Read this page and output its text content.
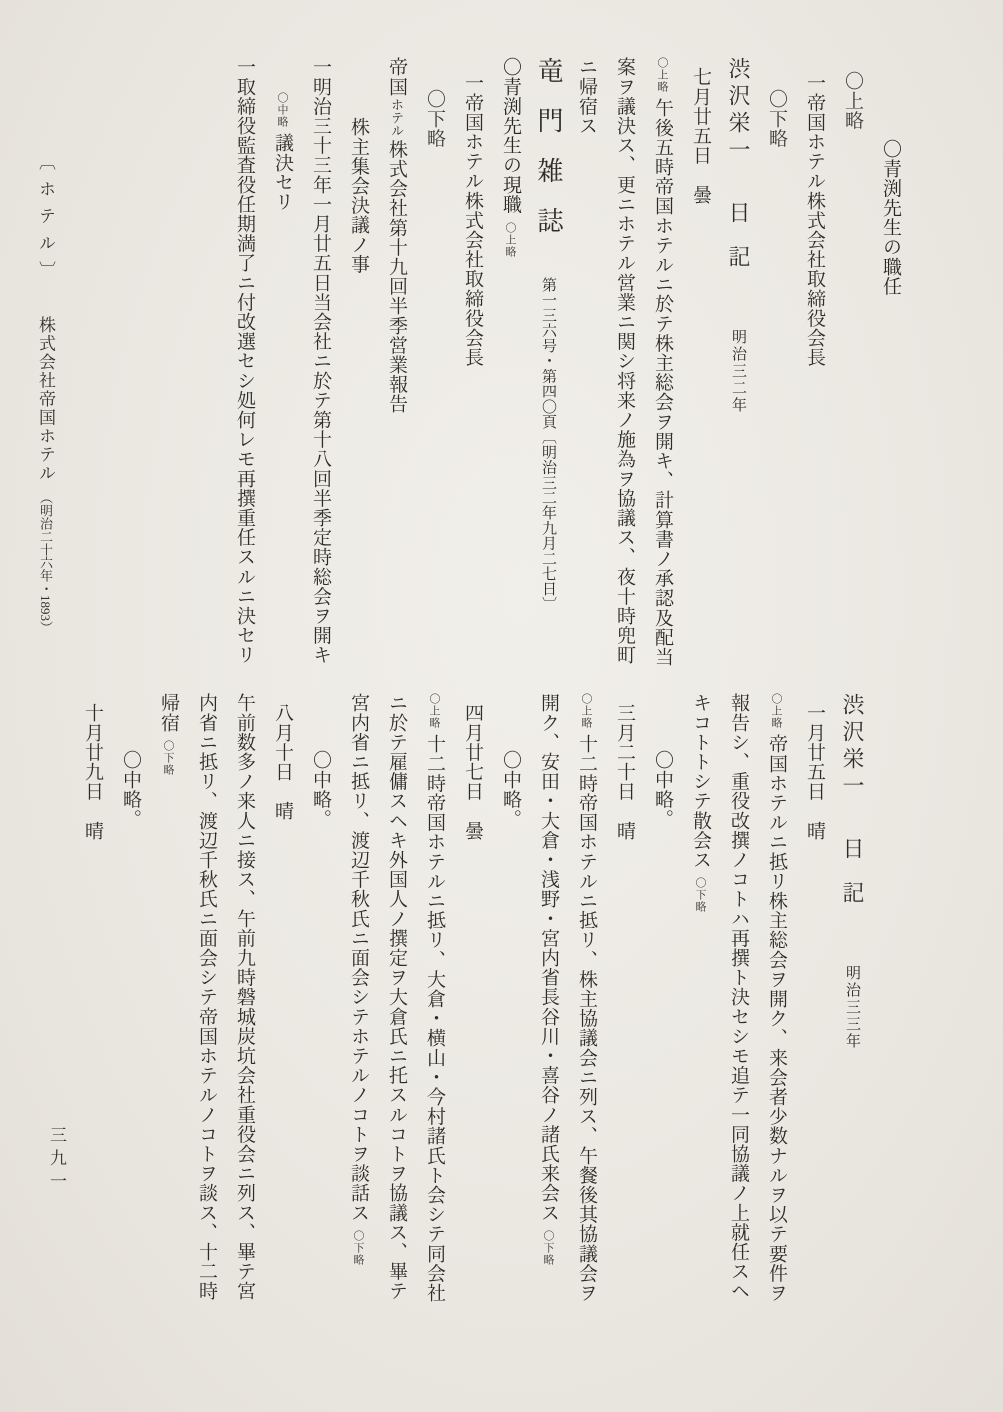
〔ホテル〕株式会社帝国ホテル（明治二十六年・1893）

〇青渕先生の職任

〇上略

一帝国ホテル株式会社取締役会長

〇下略

渋沢栄一日記明治三二年

七月廿五日　曇

〇上略午後五時帝国ホテルニ於テ株主総会ヲ開キ、計算書ノ承認及配当

案ヲ議決ス、更ニホテル営業ニ関シ将来ノ施為ヲ協議ス、夜十時兜町

ニ帰宿ス

竜門雑誌第一三六号・第四〇頁〔明治三二年九月二七日〕

〇青渕先生の現職〇上略

一帝国ホテル株式会社取締役会長

〇下略

帝国ホテル株式会社第十九回半季営業報告

株主集会決議ノ事

一明治三十三年一月廿五日当会社ニ於テ第十八回半季定時総会ヲ開キ

〇中略議決セリ

一取締役監査役任期満了ニ付改選セシ処何レモ再撰重任スルニ決セリ

渋沢栄一日記明治三三年

一月廿五日　晴

〇上略帝国ホテルニ抵リ株主総会ヲ開ク、来会者少数ナルヲ以テ要件ヲ

報告シ、重役改撰ノコトハ再撰ト決セシモ追テ一同協議ノ上就任スヘ

キコトトシテ散会ス〇下略

〇中略。

三月二十日　晴

〇上略十二時帝国ホテルニ抵リ、株主協議会ニ列ス、午餐後其協議会ヲ

開ク、安田・大倉・浅野・宮内省長谷川・喜谷ノ諸氏来会ス〇下略

〇中略。

四月廿七日　曇

〇上略十二時帝国ホテルニ抵リ、大倉・横山・今村諸氏ト会シテ同会社

ニ於テ雇傭スヘキ外国人ノ撰定ヲ大倉氏ニ托スルコトヲ協議ス、畢テ

宮内省ニ抵リ、渡辺千秋氏ニ面会シテホテルノコトヲ談話ス〇下略

〇中略。

八月十日　晴

午前数多ノ来人ニ接ス、午前九時磐城炭坑会社重役会ニ列ス、畢テ宮

内省ニ抵リ、渡辺千秋氏ニ面会シテ帝国ホテルノコトヲ談ス、十二時

帰宿〇下略

〇中略。

十月廿九日　晴

三九一
